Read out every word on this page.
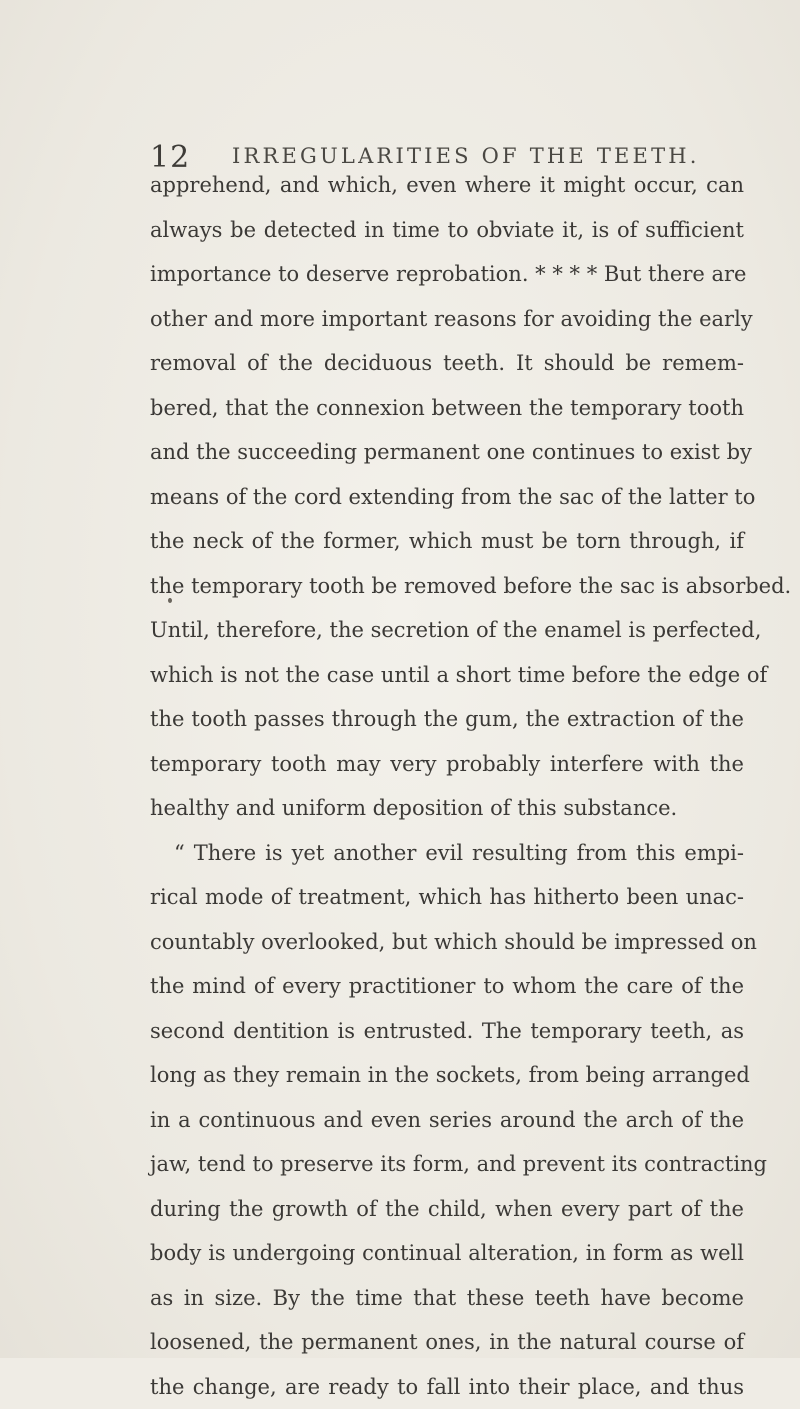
12 IRREGULARITIES OF THE TEETH.
apprehend, and which, even where it might occur, can
always be detected in time to obviate it, is of sufficient
importance to deserve reprobation. * * * * But there are
other and more important reasons for avoiding the early
removal of the deciduous teeth. It should be remem-
bered, that the connexion between the temporary tooth
and the succeeding permanent one continues to exist by
means of the cord extending from the sac of the latter to
the neck of the former, which must be torn through, if
the temporary tooth be removed before the sac is absorbed.
Until, therefore, the secretion of the enamel is perfected,
which is not the case until a short time before the edge of
the tooth passes through the gum, the extraction of the
temporary tooth may very probably interfere with the
healthy and uniform deposition of this substance.
“ There is yet another evil resulting from this empi-
rical mode of treatment, which has hitherto been unac-
countably overlooked, but which should be impressed on
the mind of every practitioner to whom the care of the
second dentition is entrusted. The temporary teeth, as
long as they remain in the sockets, from being arranged
in a continuous and even series around the arch of the
jaw, tend to preserve its form, and prevent its contracting
during the growth of the child, when every part of the
body is undergoing continual alteration, in form as well
as in size. By the time that these teeth have become
loosened, the permanent ones, in the natural course of
the change, are ready to fall into their place, and thus
